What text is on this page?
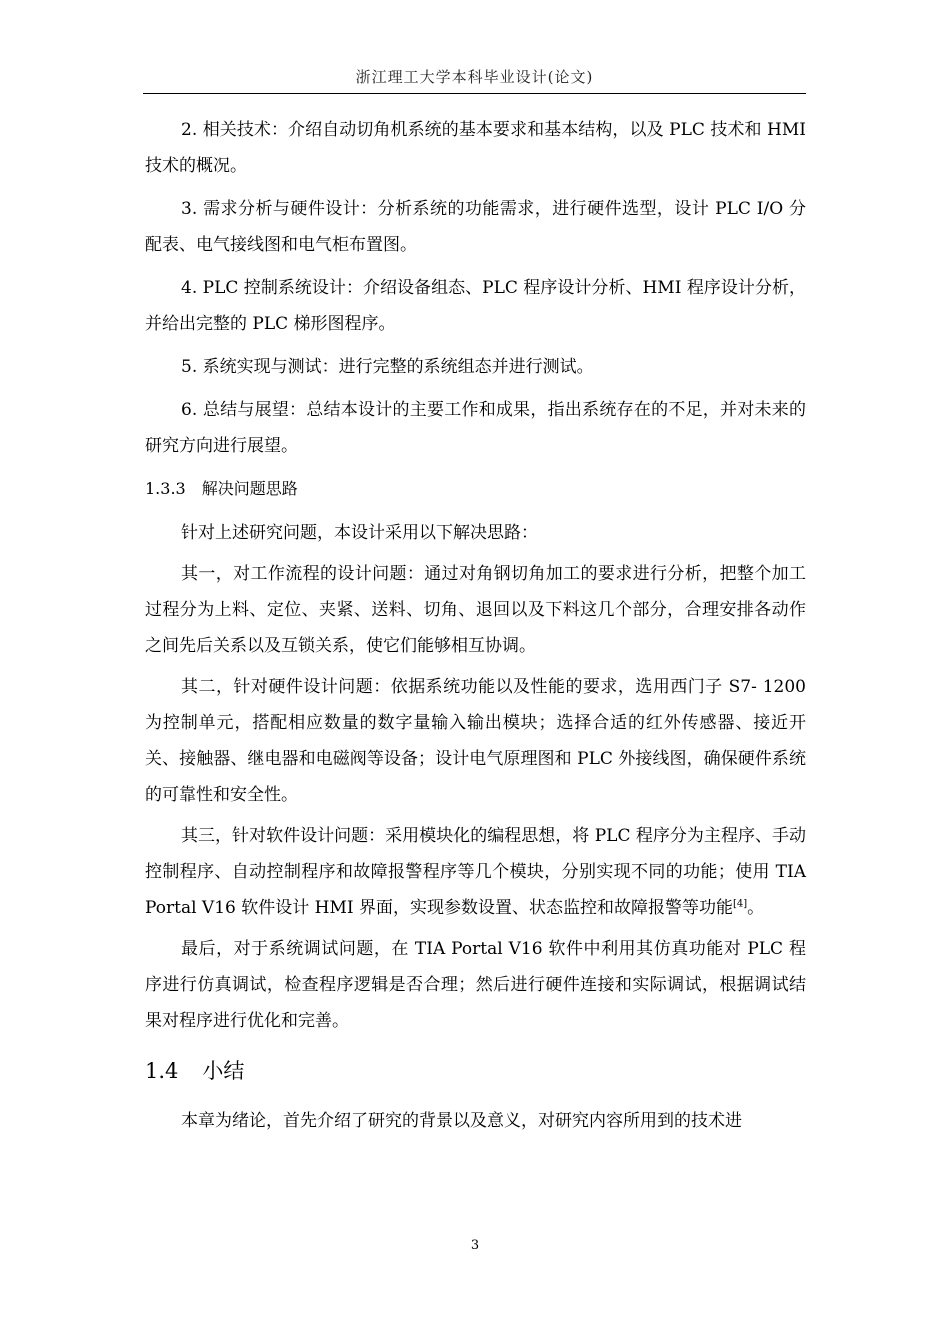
浙江理工大学本科毕业设计(论文)

2. 相关技术：介绍自动切角机系统的基本要求和基本结构，以及 PLC 技术和 HMI 技术的概况。

3. 需求分析与硬件设计：分析系统的功能需求，进行硬件选型，设计 PLC I/O 分配表、电气接线图和电气柜布置图。

4. PLC 控制系统设计：介绍设备组态、PLC 程序设计分析、HMI 程序设计分析，并给出完整的 PLC 梯形图程序。

5. 系统实现与测试：进行完整的系统组态并进行测试。

6. 总结与展望：总结本设计的主要工作和成果，指出系统存在的不足，并对未来的研究方向进行展望。

1.3.3 解决问题思路

针对上述研究问题，本设计采用以下解决思路：

其一，对工作流程的设计问题：通过对角钢切角加工的要求进行分析，把整个加工过程分为上料、定位、夹紧、送料、切角、退回以及下料这几个部分，合理安排各动作之间先后关系以及互锁关系，使它们能够相互协调。

其二，针对硬件设计问题：依据系统功能以及性能的要求，选用西门子 S7- 1200 为控制单元，搭配相应数量的数字量输入输出模块；选择合适的红外传感器、接近开关、接触器、继电器和电磁阀等设备；设计电气原理图和 PLC 外接线图，确保硬件系统的可靠性和安全性。

其三，针对软件设计问题：采用模块化的编程思想，将 PLC 程序分为主程序、手动控制程序、自动控制程序和故障报警程序等几个模块，分别实现不同的功能；使用 TIA Portal V16 软件设计 HMI 界面，实现参数设置、状态监控和故障报警等功能[4]。

最后，对于系统调试问题，在 TIA Portal V16 软件中利用其仿真功能对 PLC 程序进行仿真调试，检查程序逻辑是否合理；然后进行硬件连接和实际调试，根据调试结果对程序进行优化和完善。

1.4 小结

本章为绪论，首先介绍了研究的背景以及意义，对研究内容所用到的技术进

3
